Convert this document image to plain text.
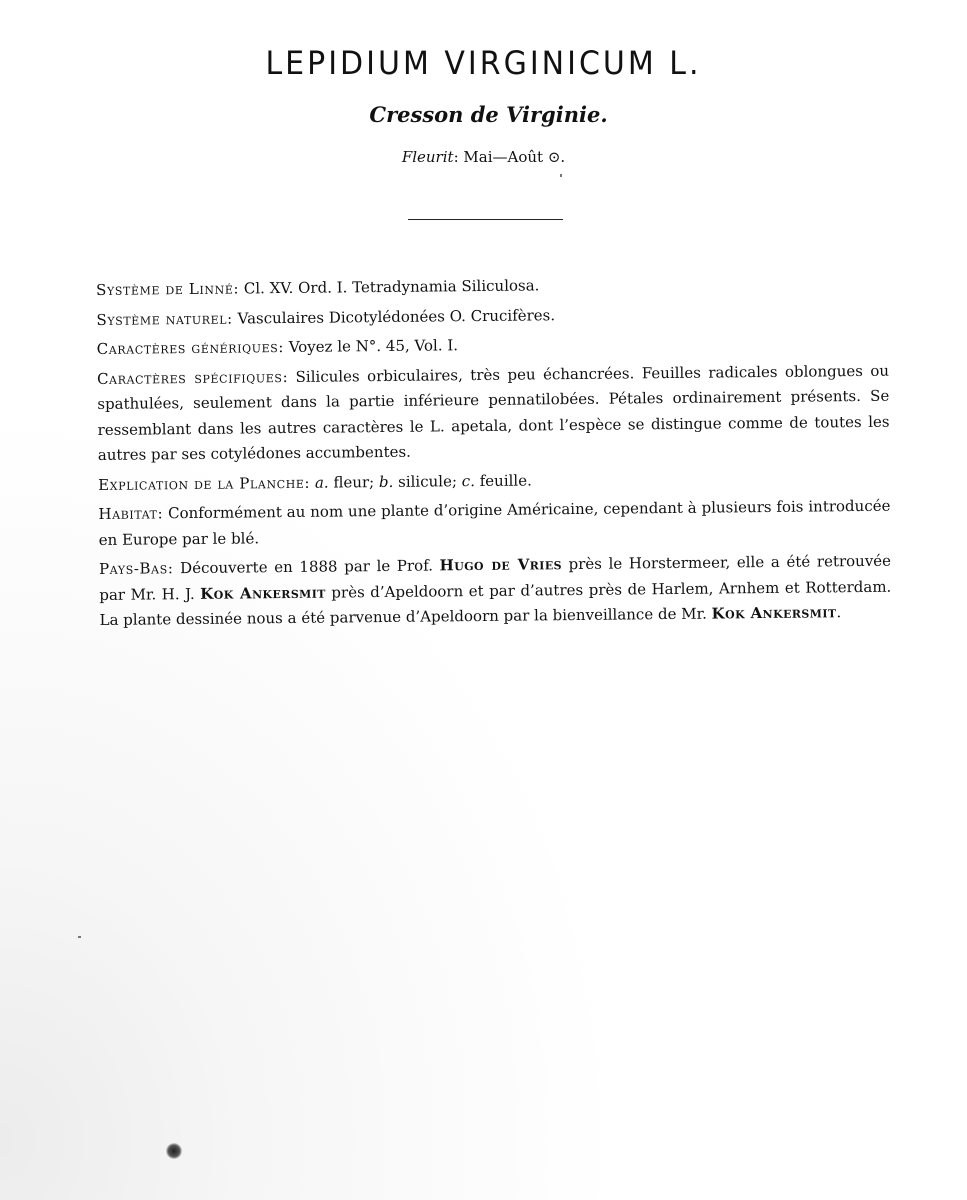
LEPIDIUM VIRGINICUM L.
Cresson de Virginie.
Fleurit: Mai—Août ⊙.

Système de Linné: Cl. XV. Ord. I. Tetradynamia Siliculosa.

Système naturel: Vasculaires Dicotylédonées O. Crucifères.

Caractères génériques: Voyez le N°. 45, Vol. I.

Caractères spécifiques: Silicules orbiculaires, très peu échancrées. Feuilles radicales oblongues ou spathulées, seulement dans la partie inférieure pennatilobées. Pétales ordinairement présents. Se ressemblant dans les autres caractères le L. apetala, dont l’espèce se distingue comme de toutes les autres par ses cotylédones accumbentes.

Explication de la Planche: a. fleur; b. silicule; c. feuille.

Habitat: Conformément au nom une plante d’origine Américaine, cependant à plusieurs fois introducée en Europe par le blé.

Pays-Bas: Découverte en 1888 par le Prof. Hugo de Vries près le Horstermeer, elle a été retrouvée par Mr. H. J. Kok Ankersmit près d’Apeldoorn et par d’autres près de Harlem, Arnhem et Rotterdam. La plante dessinée nous a été parvenue d’Apeldoorn par la bienveillance de Mr. Kok Ankersmit.
